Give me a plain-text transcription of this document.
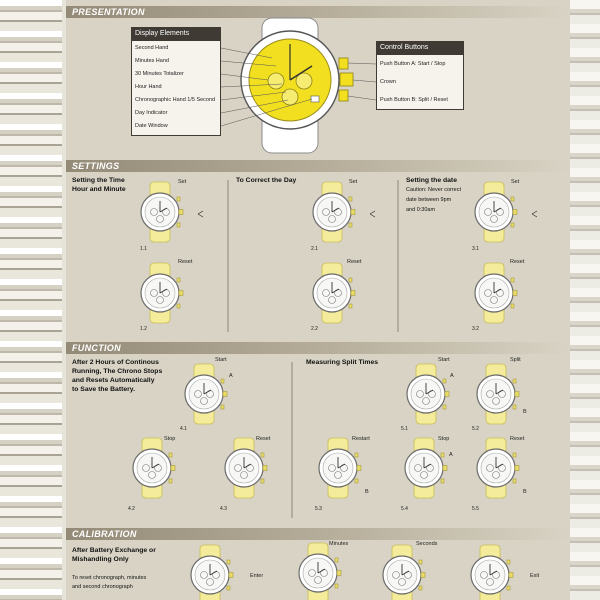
PRESENTATION
SETTINGS
FUNCTION
CALIBRATION
Display Elements
Second Hand
Minutes Hand
30 Minutes Totalizer
Hour Hand
Chronographic Hand 1/5 Second
Day Indicator
Date Window
Control Buttons
Push Button A: Start / Stop
Crown
Push Button B: Split / Reset
Setting the Time
Hour and Minute
To Correct the Day	Setting the date
Caution: Never correct
date between 9pm
and 0:30am
Set
Reset
Set
Reset
Set
Reset
1.1
1.2
2.1
2.2
3.1
3.2
After 2 Hours of Continous
Running, The Chrono Stops
and Resets Automatically
to Save the Battery.
Measuring Split Times
Start
A
Stop	Reset
Start
A
Split
B
Restart
B
Stop
A
Reset
B
4.1
4.2	4.3
5.1	5.2
5.3	5.4	5.5
After Battery Exchange or
Mishandling Only
To reset chronograph, minutes
and second chronograph
Minutes	Seconds
Enter	Exit
